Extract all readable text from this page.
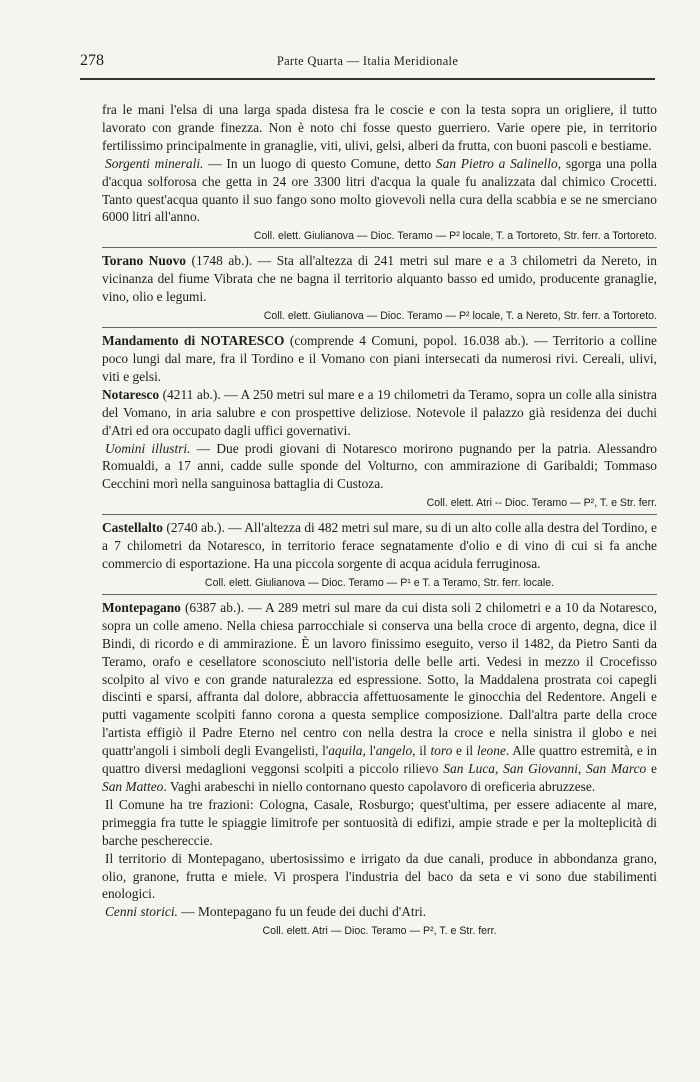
278	Parte Quarta — Italia Meridionale

fra le mani l'elsa di una larga spada distesa fra le coscie e con la testa sopra un origliere, il tutto lavorato con grande finezza. Non è noto chi fosse questo guerriero. Varie opere pie, in territorio fertilissimo principalmente in granaglie, viti, ulivi, gelsi, alberi da frutta, con buoni pascoli e bestiame.

Sorgenti minerali. — In un luogo di questo Comune, detto San Pietro a Salinello, sgorga una polla d'acqua solforosa che getta in 24 ore 3300 litri d'acqua la quale fu analizzata dal chimico Crocetti. Tanto quest'acqua quanto il suo fango sono molto giovevoli nella cura della scabbia e se ne smerciano 6000 litri all'anno.

Coll. elett. Giulianova — Dioc. Teramo — P² locale, T. a Tortoreto, Str. ferr. a Tortoreto.

Torano Nuovo (1748 ab.). — Sta all'altezza di 241 metri sul mare e a 3 chilometri da Nereto, in vicinanza del fiume Vibrata che ne bagna il territorio alquanto basso ed umido, producente granaglie, vino, olio e legumi.

Coll. elett. Giulianova — Dioc. Teramo — P² locale, T. a Nereto, Str. ferr. a Tortoreto.

Mandamento di NOTARESCO (comprende 4 Comuni, popol. 16.038 ab.). — Territorio a colline poco lungi dal mare, fra il Tordino e il Vomano con piani intersecati da numerosi rivi. Cereali, ulivi, viti e gelsi.

Notaresco (4211 ab.). — A 250 metri sul mare e a 19 chilometri da Teramo, sopra un colle alla sinistra del Vomano, in aria salubre e con prospettive deliziose. Notevole il palazzo già residenza dei duchi d'Atri ed ora occupato dagli uffici governativi.

Uomini illustri. — Due prodi giovani di Notaresco morirono pugnando per la patria. Alessandro Romualdi, a 17 anni, cadde sulle sponde del Volturno, con ammirazione di Garibaldi; Tommaso Cecchini morì nella sanguinosa battaglia di Custoza.

Coll. elett. Atri -- Dioc. Teramo — P², T. e Str. ferr.

Castellalto (2740 ab.). — All'altezza di 482 metri sul mare, su di un alto colle alla destra del Tordino, e a 7 chilometri da Notaresco, in territorio ferace segnatamente d'olio e di vino di cui si fa anche commercio di esportazione. Ha una piccola sorgente di acqua acidula ferruginosa.

Coll. elett. Giulianova — Dioc. Teramo — P¹ e T. a Teramo, Str. ferr. locale.

Montepagano (6387 ab.). — A 289 metri sul mare da cui dista soli 2 chilometri e a 10 da Notaresco, sopra un colle ameno. Nella chiesa parrocchiale si conserva una bella croce di argento, degna, dice il Bindi, di ricordo e di ammirazione. È un lavoro finissimo eseguito, verso il 1482, da Pietro Santi da Teramo, orafo e cesellatore sconosciuto nell'istoria delle belle arti. Vedesi in mezzo il Crocefisso scolpito al vivo e con grande naturalezza ed espressione. Sotto, la Maddalena prostrata coi capegli discinti e sparsi, affranta dal dolore, abbraccia affettuosamente le ginocchia del Redentore. Angeli e putti vagamente scolpiti fanno corona a questa semplice composizione. Dall'altra parte della croce l'artista effigiò il Padre Eterno nel centro con nella destra la croce e nella sinistra il globo e nei quattr'angoli i simboli degli Evangelisti, l'aquila, l'angelo, il toro e il leone. Alle quattro estremità, e in quattro diversi medaglioni veggonsi scolpiti a piccolo rilievo San Luca, San Giovanni, San Marco e San Matteo. Vaghi arabeschi in niello contornano questo capolavoro di oreficeria abruzzese.

Il Comune ha tre frazioni: Cologna, Casale, Rosburgo; quest'ultima, per essere adiacente al mare, primeggia fra tutte le spiaggie limitrofe per sontuosità di edifizi, ampie strade e per la molteplicità di barche peschereccie.

Il territorio di Montepagano, ubertosissimo e irrigato da due canali, produce in abbondanza grano, olio, granone, frutta e miele. Vi prospera l'industria del baco da seta e vi sono due stabilimenti enologici.

Cenni storici. — Montepagano fu un feude dei duchi d'Atri.

Coll. elett. Atri — Dioc. Teramo — P², T. e Str. ferr.
